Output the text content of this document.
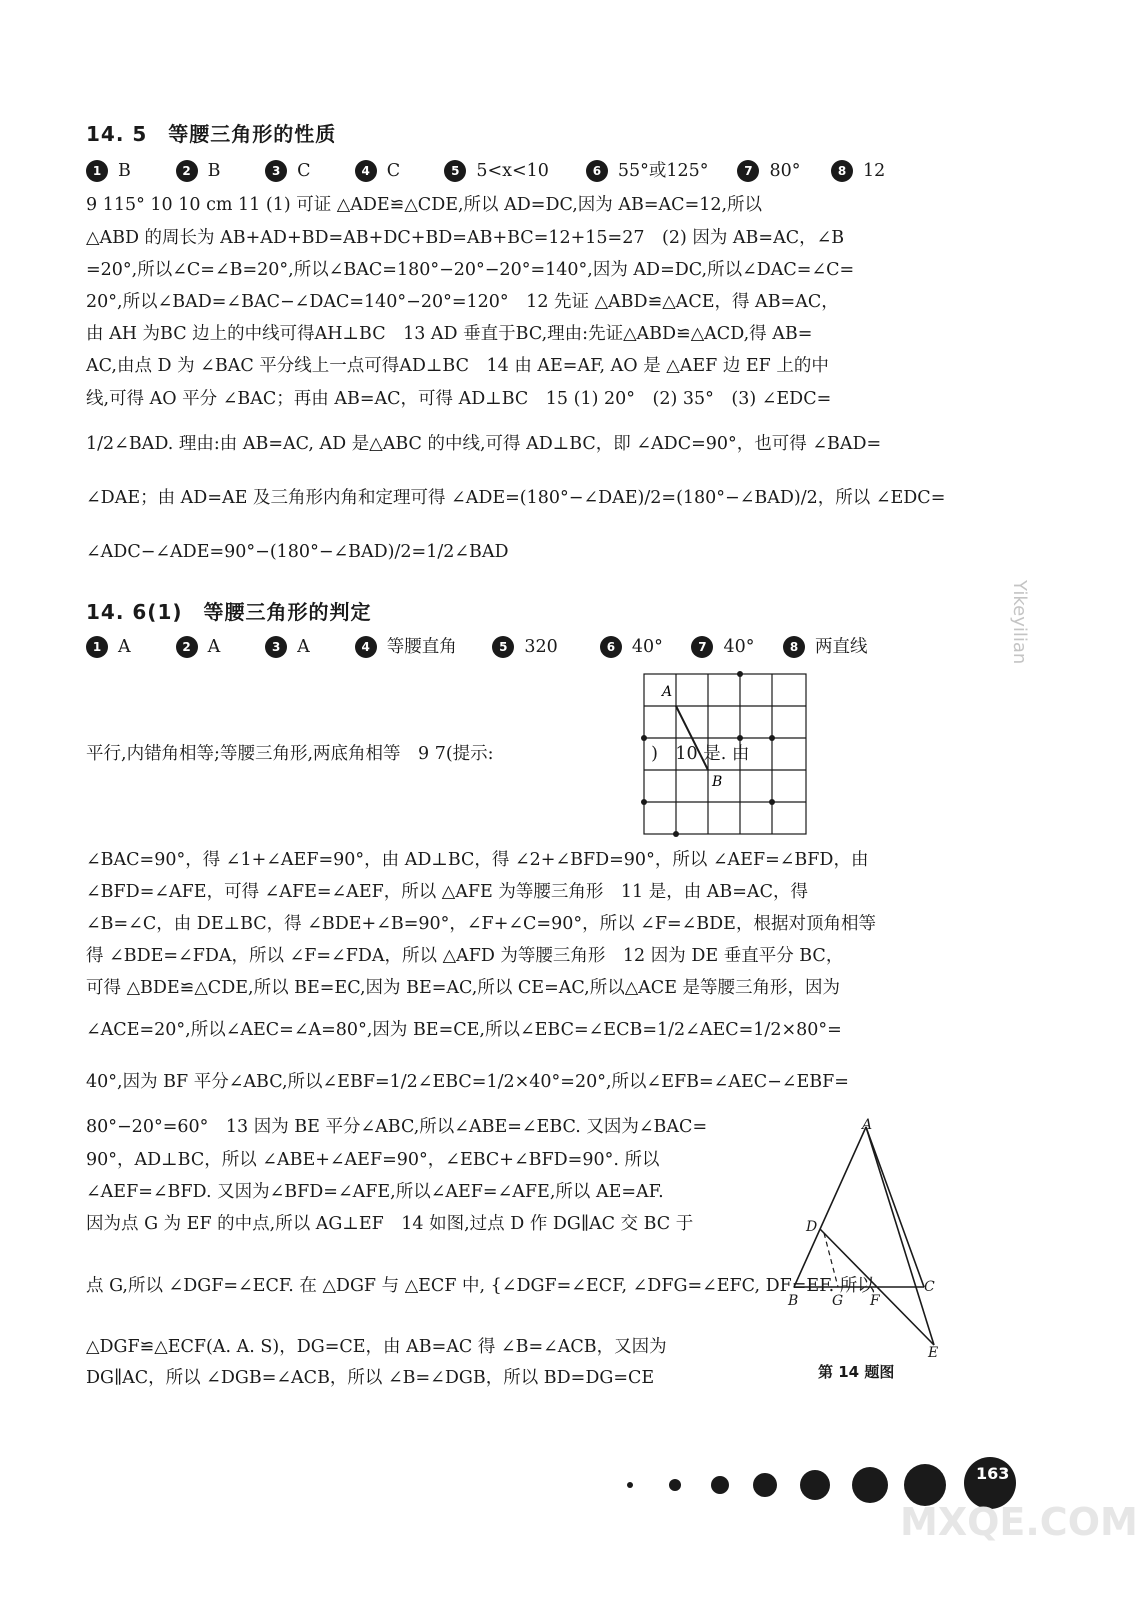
14. 5　等腰三角形的性质
1 B	2 B	3 C	4 C	5 5<x<10	6 55°或125°	7 80°	8 12
9 115° 10 10 cm 11 (1) 可证 △ADE≌△CDE,所以 AD=DC,因为 AB=AC=12,所以
△ABD 的周长为 AB+AD+BD=AB+DC+BD=AB+BC=12+15=27　(2) 因为 AB=AC，∠B
=20°,所以∠C=∠B=20°,所以∠BAC=180°−20°−20°=140°,因为 AD=DC,所以∠DAC=∠C=
20°,所以∠BAD=∠BAC−∠DAC=140°−20°=120°　12 先证 △ABD≌△ACE，得 AB=AC，
由 AH 为BC 边上的中线可得AH⊥BC　13 AD 垂直于BC,理由:先证△ABD≌△ACD,得 AB=
AC,由点 D 为 ∠BAC 平分线上一点可得AD⊥BC　14 由 AE=AF, AO 是 △AEF 边 EF 上的中
线,可得 AO 平分 ∠BAC；再由 AB=AC，可得 AD⊥BC　15 (1) 20°　(2) 35°　(3) ∠EDC=
1/2∠BAD. 理由:由 AB=AC, AD 是△ABC 的中线,可得 AD⊥BC，即 ∠ADC=90°，也可得 ∠BAD=
∠DAE；由 AD=AE 及三角形内角和定理可得 ∠ADE=(180°−∠DAE)/2=(180°−∠BAD)/2，所以 ∠EDC=
∠ADC−∠ADE=90°−(180°−∠BAD)/2=1/2∠BAD
14. 6(1)　等腰三角形的判定
1 A	2 A	3 A	4 等腰直角	5 320	6 40°	7 40°	8 两直线
A
B
平行,内错角相等;等腰三角形,两底角相等　9 7(提示:　　　　　　　　　)　10 是. 由
∠BAC=90°，得 ∠1+∠AEF=90°，由 AD⊥BC，得 ∠2+∠BFD=90°，所以 ∠AEF=∠BFD，由
∠BFD=∠AFE，可得 ∠AFE=∠AEF，所以 △AFE 为等腰三角形　11 是，由 AB=AC，得
∠B=∠C，由 DE⊥BC，得 ∠BDE+∠B=90°，∠F+∠C=90°，所以 ∠F=∠BDE，根据对顶角相等
得 ∠BDE=∠FDA，所以 ∠F=∠FDA，所以 △AFD 为等腰三角形　12 因为 DE 垂直平分 BC，
可得 △BDE≌△CDE,所以 BE=EC,因为 BE=AC,所以 CE=AC,所以△ACE 是等腰三角形，因为
∠ACE=20°,所以∠AEC=∠A=80°,因为 BE=CE,所以∠EBC=∠ECB=1/2∠AEC=1/2×80°=
40°,因为 BF 平分∠ABC,所以∠EBF=1/2∠EBC=1/2×40°=20°,所以∠EFB=∠AEC−∠EBF=
80°−20°=60°　13 因为 BE 平分∠ABC,所以∠ABE=∠EBC. 又因为∠BAC=
90°，AD⊥BC，所以 ∠ABE+∠AEF=90°，∠EBC+∠BFD=90°. 所以
∠AEF=∠BFD. 又因为∠BFD=∠AFE,所以∠AEF=∠AFE,所以 AE=AF.
因为点 G 为 EF 的中点,所以 AG⊥EF　14 如图,过点 D 作 DG∥AC 交 BC 于
点 G,所以 ∠DGF=∠ECF. 在 △DGF 与 △ECF 中, {∠DGF=∠ECF, ∠DFG=∠EFC, DF=EF. 所以
△DGF≌△ECF(A. A. S)，DG=CE，由 AB=AC 得 ∠B=∠ACB，又因为
DG∥AC，所以 ∠DGB=∠ACB，所以 ∠B=∠DGB，所以 BD=DG=CE
A
B
C
D
E
F
G
第 14 题图
Yikeyilian
163
MXQE.COM
